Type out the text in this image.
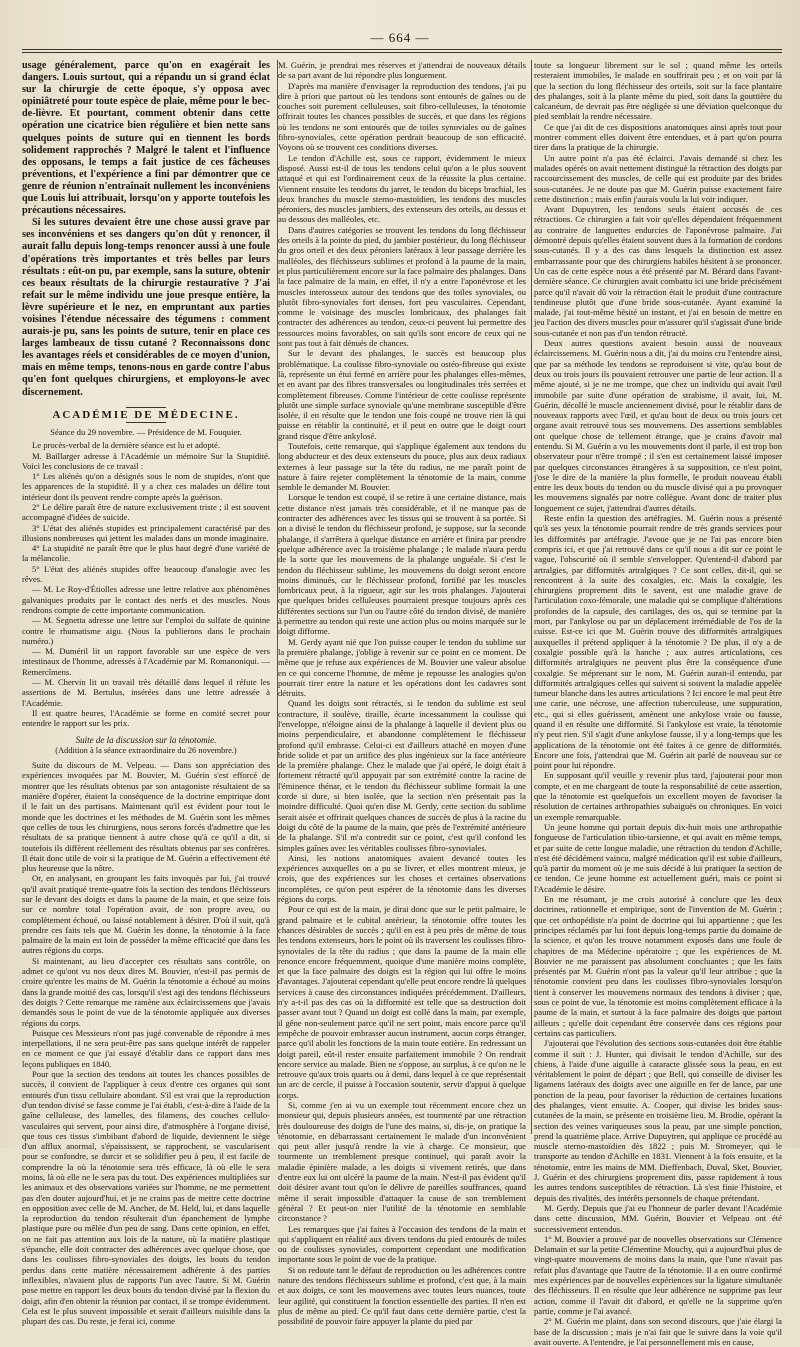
— 664 —

usage généralement, parce qu'on en exagérait les dangers. Louis surtout, qui a répandu un si grand éclat sur la chirurgie de cette époque, s'y opposa avec opiniâtreté pour toute espèce de plaie, même pour le bec-de-lièvre. Et pourtant, comment obtenir dans cette opération une cicatrice bien régulière et bien nette sans quelques points de suture qui en tiennent les bords solidement rapprochés ? Malgré le talent et l'influence des opposans, le temps a fait justice de ces fâcheuses préventions, et l'expérience a fini par démontrer que ce genre de réunion n'entraînait nullement les inconvéniens que Louis lui attribuait, lorsqu'on y apporte toutefois les précautions nécessaires.

Si les sutures devaient être une chose aussi grave par ses inconvéniens et ses dangers qu'on dût y renoncer, il aurait fallu depuis long-temps renoncer aussi à une foule d'opérations très importantes et très belles par leurs résultats : eût-on pu, par exemple, sans la suture, obtenir ces beaux résultats de la chirurgie restaurative ? J'ai refait sur le même individu une joue presque entière, la lèvre supérieure et le nez, en empruntant aux parties voisines l'étendue nécessaire des tégumens : comment aurais-je pu, sans les points de suture, tenir en place ces larges lambeaux de tissu cutané ? Reconnaissons donc les avantages réels et considérables de ce moyen d'union, mais en même temps, tenons-nous en garde contre l'abus qu'en font quelques chirurgiens, et employons-le avec discernement.

ACADÉMIE DE MÉDECINE.
Séance du 29 novembre. — Présidence de M. Fouquier.

Le procès-verbal de la dernière séance est lu et adopté.

M. Baillarger adresse à l'Académie un mémoire Sur la Stupidité. Voici les conclusions de ce travail :

1° Les aliénés qu'on a désignés sous le nom de stupides, n'ont que les apparences de la stupidité. Il y a chez ces malades un délire tout intérieur dont ils peuvent rendre compte après la guérison.

2° Le délire paraît être de nature exclusivement triste ; il est souvent accompagné d'idées de suicide.

3° L'état des aliénés stupides est principalement caractérisé par des illusions nombreuses qui jettent les malades dans un monde imaginaire.

4° La stupidité ne paraît être que le plus haut degré d'une variété de la mélancolie.

5° L'état des aliénés stupides offre beaucoup d'analogie avec les rêves.

— M. Le Roy-d'Étiolles adresse une lettre relative aux phénomènes galvaniques produits par le contact des nerfs et des muscles. Nous rendrons compte de cette importante communication.

— M. Segnetta adresse une lettre sur l'emploi du sulfate de quinine contre le rhumatisme aigu. (Nous la publierons dans le prochain numéro.)

— M. Duméril lit un rapport favorable sur une espèce de vers intestinaux de l'homme, adressés à l'Académie par M. Romanoniqui. — Remercîmens.

— M. Chervin lit un travail très détaillé dans lequel il réfute les assertions de M. Bertulus, insérées dans une lettre adressée à l'Académie.

Il est quatre heures, l'Académie se forme en comité secret pour entendre le rapport sur les prix.

Suite de la discussion sur la ténotomie.
(Addition à la séance extraordinaire du 26 novembre.)

Suite du discours de M. Velpeau. — Dans son appréciation des expériences invoquées par M. Bouvier, M. Guérin s'est efforcé de montrer que les résultats obtenus par son antagoniste résultaient de sa manière d'opérer, étaient la conséquence de la doctrine empirique dont il le fait un des partisans. Maintenant qu'il est évident pour tout le monde que les doctrines et les méthodes de M. Guérin sont les mêmes que celles de tous les chirurgiens, nous serons forcés d'admettre que les résultats de sa pratique tiennent à autre chose qu'à ce qu'il a dit, si toutefois ils diffèrent réellement des résultats obtenus par ses confrères. Il était donc utile de voir si la pratique de M. Guérin a effectivement été plus heureuse que la nôtre.

Or, en analysant, en groupant les faits invoqués par lui, j'ai trouvé qu'il avait pratiqué trente-quatre fois la section des tendons fléchisseurs sur le devant des doigts et dans la paume de la main, et que seize fois sur ce nombre total l'opération avait, de son propre aveu, ou complètement échoué, ou laissé notablement à désirer. D'où il suit, qu'à prendre ces faits tels que M. Guérin les donne, la ténotomie à la face palmaire de la main est loin de posséder la même efficacité que dans les autres régions du corps.

Si maintenant, au lieu d'accepter ces résultats sans contrôle, on admet ce qu'ont vu nos deux dires M. Bouvier, n'est-il pas permis de croire qu'entre les mains de M. Guérin la ténotomie a échoué au moins dans la grande moitié des cas, lorsqu'il s'est agi des tendons fléchisseurs des doigts ? Cette remarque me ramène aux éclaircissemens que j'avais demandés sous le point de vue de la ténotomie appliquée aux diverses régions du corps.

Puisque ces Messieurs n'ont pas jugé convenable de répondre à mes interpellations, il ne sera peut-être pas sans quelque intérêt de rappeler en ce moment ce que j'ai essayé d'établir dans ce rapport dans mes leçons publiques en 1840.

Pour que la section des tendons ait toutes les chances possibles de succès, il convient de l'appliquer à ceux d'entre ces organes qui sont entourés d'un tissu cellulaire abondant. S'il est vrai que la reproduction d'un tendon divisé se fasse comme je l'ai établi, c'est-à-dire à l'aide de la gaîne celluleuse, des lamelles, des filamens, des couches cellulo-vasculaires qui servent, pour ainsi dire, d'atmosphère à l'organe divisé, que tous ces tissus s'imbibant d'abord de liquide, deviennent le siège d'un afflux anormal, s'épaississent, se rapprochent, se vascularisent pour se confondre, se durcir et se solidifier peu à peu, il est facile de comprendre la où la ténotomie sera très efficace, là où elle le sera moins, là où elle ne le sera pas du tout. Des expériences multipliées sur les animaux et des observations variées sur l'homme, ne me permettent pas d'en douter aujourd'hui, et je ne crains pas de mettre cette doctrine en opposition avec celle de M. Ancher, de M. Held, lui, et dans laquelle la reproduction du tendon résulterait d'un épanchement de lymphe plastique pure ou mêlée d'un peu de sang. Dans cette opinion, en effet, on ne fait pas attention aux lois de la nature, où la matière plastique s'épanche, elle doit contracter des adhérences avec quelque chose, que dans les coulisses fibro-synoviales des doigts, les bouts du tendon perdus dans cette matière nécessairement adhérente à des parties inflexibles, n'avaient plus de rapports l'un avec l'autre. Si M. Guérin pose mettre en rapport les deux bouts du tendon divisé par la flexion du doigt, afin d'en obtenir la réunion par contact, il se trompe évidemment. Cela est le plus souvent impossible et serait d'ailleurs nuisible dans la plupart des cas. Du reste, je ferai ici, comme

M. Guérin, je prendrai mes réserves et j'attendrai de nouveaux détails de sa part avant de lui répondre plus longuement.

D'après ma manière d'envisager la reproduction des tendons, j'ai pu dire à priori que partout où les tendons sont entourés de gaînes ou de couches soit purement celluleuses, soit fibro-celluleuses, la ténotomie offrirait toutes les chances possibles de succès, et que dans les régions où les tendons ne sont entourés que de toiles synoviales ou de gaînes fibro-synoviales, cette opération perdrait beaucoup de son efficacité. Voyons où se trouvent ces conditions diverses.

Le tendon d'Achille est, sous ce rapport, évidemment le mieux disposé. Aussi est-il de tous les tendons celui qu'on a le plus souvent attaqué et qui est l'ordinairement ceux de la réussite la plus certaine. Viennent ensuite les tendons du jarret, le tendon du biceps brachial, les deux branches du muscle sterno-mastoïdien, les tendons des muscles péroniers, des muscles jambiers, des extenseurs des orteils, au dessus et au dessous des malléoles, etc.

Dans d'autres catégories se trouvent les tendons du long fléchisseur des orteils à la pointe du pied, du jambier postérieur, du long fléchisseur du gros orteil et des deux péroniers latéraux à leur passage derrière les malléoles, des fléchisseurs sublimes et profond à la paume de la main, et plus particulièrement encore sur la face palmaire des phalanges. Dans la face palmaire de la main, en effet, il n'y a entre l'aponévrose et les muscles interosseux autour des tendons que des toiles synoviales, ou plutôt fibro-synoviales fort denses, fort peu vasculaires. Cependant, comme le voisinage des muscles lombricaux, des phalanges fait contracter des adhérences au tendon, ceux-ci peuvent lui permettre des ressources moins favorables, on sait qu'ils sont encore de ceux qui ne sont pas tout à fait dénués de chances.

Sur le devant des phalanges, le succès est beaucoup plus problématique. La coulisse fibro-synoviale ou ostéo-fibreuse qui existe là, représente un étui fermé en arrière pour les phalanges elles-mêmes, et en avant par des fibres transversales ou longitudinales très serrées et complètement fibreuses. Comme l'intérieur de cette coulisse représente plutôt une simple surface synoviale qu'une membrane susceptible d'être isolée, il en résulte que le tendon une fois coupé ne trouve rien là qui puisse en rétablir la continuité, et il peut en outre que le doigt court grand risque d'être ankylosé.

Toutefois, cette remarque, qui s'applique également aux tendons du long abducteur et des deux extenseurs du pouce, plus aux deux radiaux externes à leur passage sur la tête du radius, ne me paraît point de nature à faire rejeter complètement la ténotomie de la main, comme semble le demander M. Bouvier.

Lorsque le tendon est coupé, il se retire à une certaine distance, mais cette distance n'est jamais très considérable, et il ne manque pas de contracter des adhérences avec les tissus qui se trouvent à sa portée. Si on a divisé le tendon du fléchisseur profond, je suppose, sur la seconde phalange, il s'arrêtera à quelque distance en arrière et finira par prendre quelque adhérence avec la troisième phalange ; le malade n'aura perdu de la sorte que les mouvemens de la phalange unguéale. Si c'est le tendon du fléchisseur sublime, les mouvemens du doigt seront encore moins diminués, car le fléchisseur profond, fortifié par les muscles lombricaux peut, à la rigueur, agir sur les trois phalanges. J'ajouterai que quelques brides celluleuses pourraient presque toujours après ces différentes sections sur l'un ou l'autre côté du tendon divisé, de manière à permettre au tendon qui reste une action plus ou moins marquée sur le doigt difforme.

M. Gerdy ayant nié que l'on puisse couper le tendon du sublime sur la première phalange, j'oblige à revenir sur ce point en ce moment. De même que je refuse aux expériences de M. Bouvier une valeur absolue en ce qui concerne l'homme, de même je repousse les analogies qu'on pourrait tirer entre la nature et les opérations dont les cadavres sont détruits.

Quand les doigts sont rétractés, si le tendon du sublime est seul contracture, il soulève, tiraille, écarte incessamment la coulisse qui l'enveloppe, n'éloigne ainsi de la phalange à laquelle il devient plus ou moins perpendiculaire, et abandonne complètement le fléchisseur profond qu'il embrasse. Celui-ci est d'ailleurs attaché en moyen d'une bride solide et par un artifice des plus ingénieux sur la face antérieure de la première phalange. Chez le malade que j'ai opéré, le doigt était à fortement rétracté qu'il appuyait par son extrémité contre la racine de l'éminence thénar, et le tendon du fléchisseur sublime formait la une corde si dure, si bien isolée, que la section n'en présentait pas la moindre difficulté. Quoi qu'en dise M. Gerdy, cette section du sublime serait aisée et offrirait quelques chances de succès de plus à la racine du doigt du côté de la paume de la main, que près de l'extrémité antérieure de la phalange. S'il m'a contredit sur ce point, c'est qu'il confond les simples gaînes avec les véritables coulisses fibro-synoviales.

Ainsi, les notions anatomiques avaient devancé toutes les expériences auxquelles on a pu se livrer, et elles montrent mieux, je crois, que des expériences sur les choses et certaines observations incomplètes, ce qu'on peut espérer de la ténotomie dans les diverses régions du corps.

Pour ce qui est de la main, je dirai donc que sur le petit palmaire, le grand palmaire et le cubital antérieur, la ténotomie offre toutes les chances désirables de succès ; qu'il en est à peu près de même de tous les tendons extenseurs, hors le point où ils traversent les coulisses fibro-synoviales de la tête du radius ; que dans la paume de la main elle renonce encore fréquemment, quoique d'une manière moins complète, et que la face palmaire des doigts est la région qui lui offre le moins d'avantages. J'ajouterai cependant qu'elle peut encore rendre là quelques services à cause des circonstances indiquées précédemment. D'ailleurs, n'y a-t-il pas des cas où la difformité est telle que sa destruction doit passer avant tout ? Quand un doigt est collé dans la main, par exemple, il gêne non-seulement parce qu'il ne sert point, mais encore parce qu'il empêche de pouvoir embrasser aucun instrument, aucun corps étranger, parce qu'il abolit les fonctions de la main toute entière. En redressant un doigt pareil, eût-il rester ensuite parfaitement immobile ? On rendrait encore service au malade. Bien ne s'oppose, au surplus, à ce qu'on ne le retrouve qu'aux trois quarts ou à demi, dans lequel à ce que représentait un arc de cercle, il puisse à l'occasion soutenir, servir d'appui à quelque corps.

Si, comme j'en ai vu un exemple tout récemment encore chez un monsieur qui, depuis plusieurs années, est tourmenté par une rétraction très douloureuse des doigts de l'une des mains, si, dis-je, on pratique la ténotomie, en débarrassant certainement le malade d'un inconvénient qui peut aller jusqu'à rendre la vie à charge. Ce monsieur, que tourmente un tremblement presque continuel, qui paraît avoir la maladie épinière malade, a les doigts si vivement retirés, que dans d'entre eux lui ont ulcéré la paume de la main. N'est-il pas évident qu'il doit désirer avant tout qu'on le délivre de pareilles souffrances, quand même il serait impossible d'attaquer la cause de son tremblement général ? Et peut-on nier l'utilité de la ténotomie en semblable circonstance ?

Les remarques que j'ai faites à l'occasion des tendons de la main et qui s'appliquent en réalité aux divers tendons du pied entourés de toiles ou de coulisses synoviales, comportent cependant une modification importante sous le point de vue de la pratique.

Si on redoute tant le défaut de reproduction ou les adhérences contre nature des tendons fléchisseurs sublime et profond, c'est que, à la main et aux doigts, ce sont les mouvemens avec toutes leurs nuances, toute leur agilité, qui constituent la fonction essentielle des parties. Il n'en est plus de même au pied. Ce qu'il faut dans cette dernière partie, c'est la possibilité de pouvoir faire appuyer la plante du pied par

toute sa longueur librement sur le sol ; quand même les orteils resteraient immobiles, le malade en souffrirait peu ; et on voit par là que la section du long fléchisseur des orteils, soit sur la face plantaire des phalanges, soit à la plante même du pied, soit dans la gouttière du calcanéum, de devrait pas être négligée si une déviation quelconque du pied semblait la rendre nécessaire.

Ce que j'ai dit de ces dispositions anatomiques ainsi après tout pour montrer comment elles doivent être entendues, et à part qu'on pourra tirer dans la pratique de la chirurgie.

Un autre point n'a pas été éclairci. J'avais demandé si chez les malades opérés on avait nettement distingué la rétraction des doigts par raccourcissement des muscles, de celle qui est produite par des brides sous-cutanées. Je ne doute pas que M. Guérin puisse exactement faire cette distinction ; mais enfin j'aurais voulu la lui voir indiquer.

Avant Dupuytren, les tendons seuls étaient accusés de ces rétractions. Ce chirurgien a fait voir qu'elles dépendaient fréquemment au contraire de languettes endurcies de l'aponévrose palmaire. J'ai démontré depuis qu'elles étaient souvent dues à la formation de cordons sous-cutanés. Il y a des cas dans lesquels la distinction est assez embarrassante pour que des chirurgiens habiles hésitent à se prononcer. Un cas de cette espèce nous a été présenté par M. Bérard dans l'avant-dernière séance. Ce chirurgien avait combattu ici une bride précisément parce qu'il n'avait dû voir la rétraction était le produit d'une contracture tendineuse plutôt que d'une bride sous-cutanée. Ayant examiné la malade, j'ai tout-même hésité un instant, et j'ai en besoin de mettre en jeu l'action des divers muscles pour m'assurer qu'il s'agissait d'une bride sous-cutanée et non pas d'un tendon rétracté.

Deux autres questions avaient besoin aussi de nouveaux éclaircissemens. M. Guérin nous a dit, j'ai du moins cru l'entendre ainsi, que par sa méthode les tendons se reproduisent si vite, qu'au bout de deux ou trois jours ils pouvaient retrouver une partie de leur action. Il a même ajouté, si je ne me trompe, que chez un individu qui avait l'œil immobile par suite d'une opération de strabisme, il avait, lui, M. Guérin, décollé le muscle anciennement divisé, pour le rétablir dans de nouveaux rapports avec l'œil, et qu'au bout de deux ou trois jours cet organe avait retrouvé tous ses mouvemens. Des assertions semblables ont quelque chose de tellement étrange, que je crains d'avoir mal entendu. Si M. Guérin a vu les mouvements dont il parle, il est trop bon observateur pour n'être trompé ; il s'en est certainement laissé imposer par quelques circonstances étrangères à sa supposition, ce n'est point, j'ose le dire de la manière la plus formelle, le produit nouveau établi entre les deux bouts du tendon ou du muscle divisé qui a pu provoquer les mouvemens signalés par notre collègue. Avant donc de traiter plus longuement ce sujet, j'attendrai d'autres détails.

Reste enfin la question des artéfragies. M. Guérin nous a présenté qu'à ses yeux la ténotomie pourrait rendre de très grands services pour les difformités par artéfragie. J'avoue que je ne l'ai pas encore bien compris ici, et que j'ai retrouvé dans ce qu'il nous a dit sur ce point le vague, l'obscurité où il semble s'envelopper. Qu'entend-il d'abord par artralgies, par difformités artralgiques ? Ce sont celles, dit-il, qui se rencontrent à la suite des coxalgies, etc. Mais la coxalgie, les chirurgiens proprement dits le savent, est une maladie grave de l'articulation coxo-fémorale, une maladie qui se complique d'altérations profondes de la capsule, des cartilages, des os, qui se termine par la mort, par l'ankylose ou par un déplacement irrémédiable de l'os de la cuisse. Est-ce ici que M. Guérin trouve des difformités artralgiques auxquelles il prétend appliquer à la ténotomie ? De plus, il n'y a de coxalgie possible qu'à la hanche ; aux autres articulations, ces difformités artralgiques ne peuvent plus être la conséquence d'une coxalgie. Se méprenant sur le nom, M. Guérin aurait-il entendu, par difformités artralgiques celles qui suivent si souvent la maladie appelée tumeur blanche dans les autres articulations ? Ici encore le mal peut être une carie, une nécrose, une affection tuberculeuse, une suppuration, etc., qui si elles guérissent, amènent une ankylose vraie ou fausse, quand il en résulte une difformité. Si l'ankylose est vraie, la ténotomie n'y peut rien. S'il s'agit d'une ankylose fausse, il y a long-temps que les applications de la ténotomie ont été faites à ce genre de difformités. Encore une fois, j'attendrai que M. Guérin ait parlé de nouveau sur ce point pour lui répondre.

En supposant qu'il veuille y revenir plus tard, j'ajouterai pour mon compte, et en me chargeant de toute la responsabilité de cette assertion, que la ténotomie est quelquefois un excellent moyen de favoriser la résolution de certaines arthropathies subaiguës ou chroniques. En voici un exemple remarquable.

Un jeune homme qui portait depuis dix-huit mois une arthropathie fongueuse de l'articulation tibio-tarsienne, et qui avait en même temps, et par suite de cette longue maladie, une rétraction du tendon d'Achille, n'est été décidément vaincu, malgré médication qu'il est subie d'ailleurs, qu'à partir du moment où je me suis décidé à lui pratiquer la section de ce tendon. Ce jeune homme est actuellement guéri, mais ce point si l'Académie le désire.

En me résumant, je me crois autorisé à conclure que les deux doctrines, rationnelle et empirique, sont de l'invention de M. Guérin ; que cet orthopédiste n'a point de doctrine qui lui appartienne ; que les principes réclamés par lui font depuis long-temps partie du domaine de la science, et qu'on les trouve notamment exposés dans une foule de chapitres de ma Médecine opératoire ; que les expériences de M. Bouvier ne me paraissent pas absolument concluantes ; que les faits présentés par M. Guérin n'ont pas la valeur qu'il leur attribue ; que la ténotomie convient peu dans les coulisses fibro-synoviales lorsqu'on tient à conserver les mouvemens normaux des tendons à diviser ; que, sous ce point de vue, la ténotomie est moins complètement efficace à la paume de la main, et surtout à la face palmaire des doigts que partout ailleurs ; qu'elle doit cependant être conservée dans ces régions pour certains cas particuliers.

J'ajouterai que l'évolution des sections sous-cutanées doit être établie comme il suit : J. Hunter, qui divisait le tendon d'Achille, sur des chiens, à l'aide d'une aiguille à cataracte glissée sous la peau, en est véritablement le point de départ ; que Bell, qui conseille de diviser les ligamens latéraux des doigts avec une aiguille en fer de lance, par une ponction de la peau, pour favoriser la réduction de certaines luxations des phalanges, vient ensuite. A. Cooper, qui divise les brides sous-cutanées de la main, se présente en troisième lieu. M. Brodie, opérant la section des veines variqueuses sous la peau, par une simple ponction, prend la quatrième place. Arrive Dupuytren, qui applique ce procédé au muscle sterno-mastoïdien dès 1822 ; puis M. Stromeyer, qui le transporte au tendon d'Achille en 1831. Viennent à la fois ensuite, et la ténotomie, entre les mains de MM. Dieffenbach, Duval, Sket, Bouvier, J. Guérin et des chirurgiens proprement dits, passe rapidement à tous les autres tendons susceptibles de rétraction. Là s'est finie l'histoire, et depuis des rivalités, des intérêts personnels de chaque prétendant.

M. Gerdy. Depuis que j'ai eu l'honneur de parler devant l'Académie dans cette discussion, MM. Guérin, Bouvier et Velpeau ont été successivement entendus.

1° M. Bouvier a prouvé par de nouvelles observations sur Clémence Delamain et sur la petite Clémentine Mouchy, qui a aujourd'hui plus de vingt-quatre mouvemens de moins dans la main, que l'une n'avait pas refait plus d'avantage que l'autre de la ténotomie. Il a en outre confirmé mes expériences par de nouvelles expériences sur la ligature simultanée des fléchisseurs. Il en résulte que leur adhérence ne supprime pas leur action, comme il l'avait dit d'abord, et qu'elle ne la supprime qu'en partie, comme je l'ai avancé.

2° M. Guérin me plaint, dans son second discours, que j'aie élargi la base de la discussion ; mais je n'ai fait que le suivre dans la voie qu'il avait ouverte. A l'entendre, je l'ai personnellement mis en cause,
